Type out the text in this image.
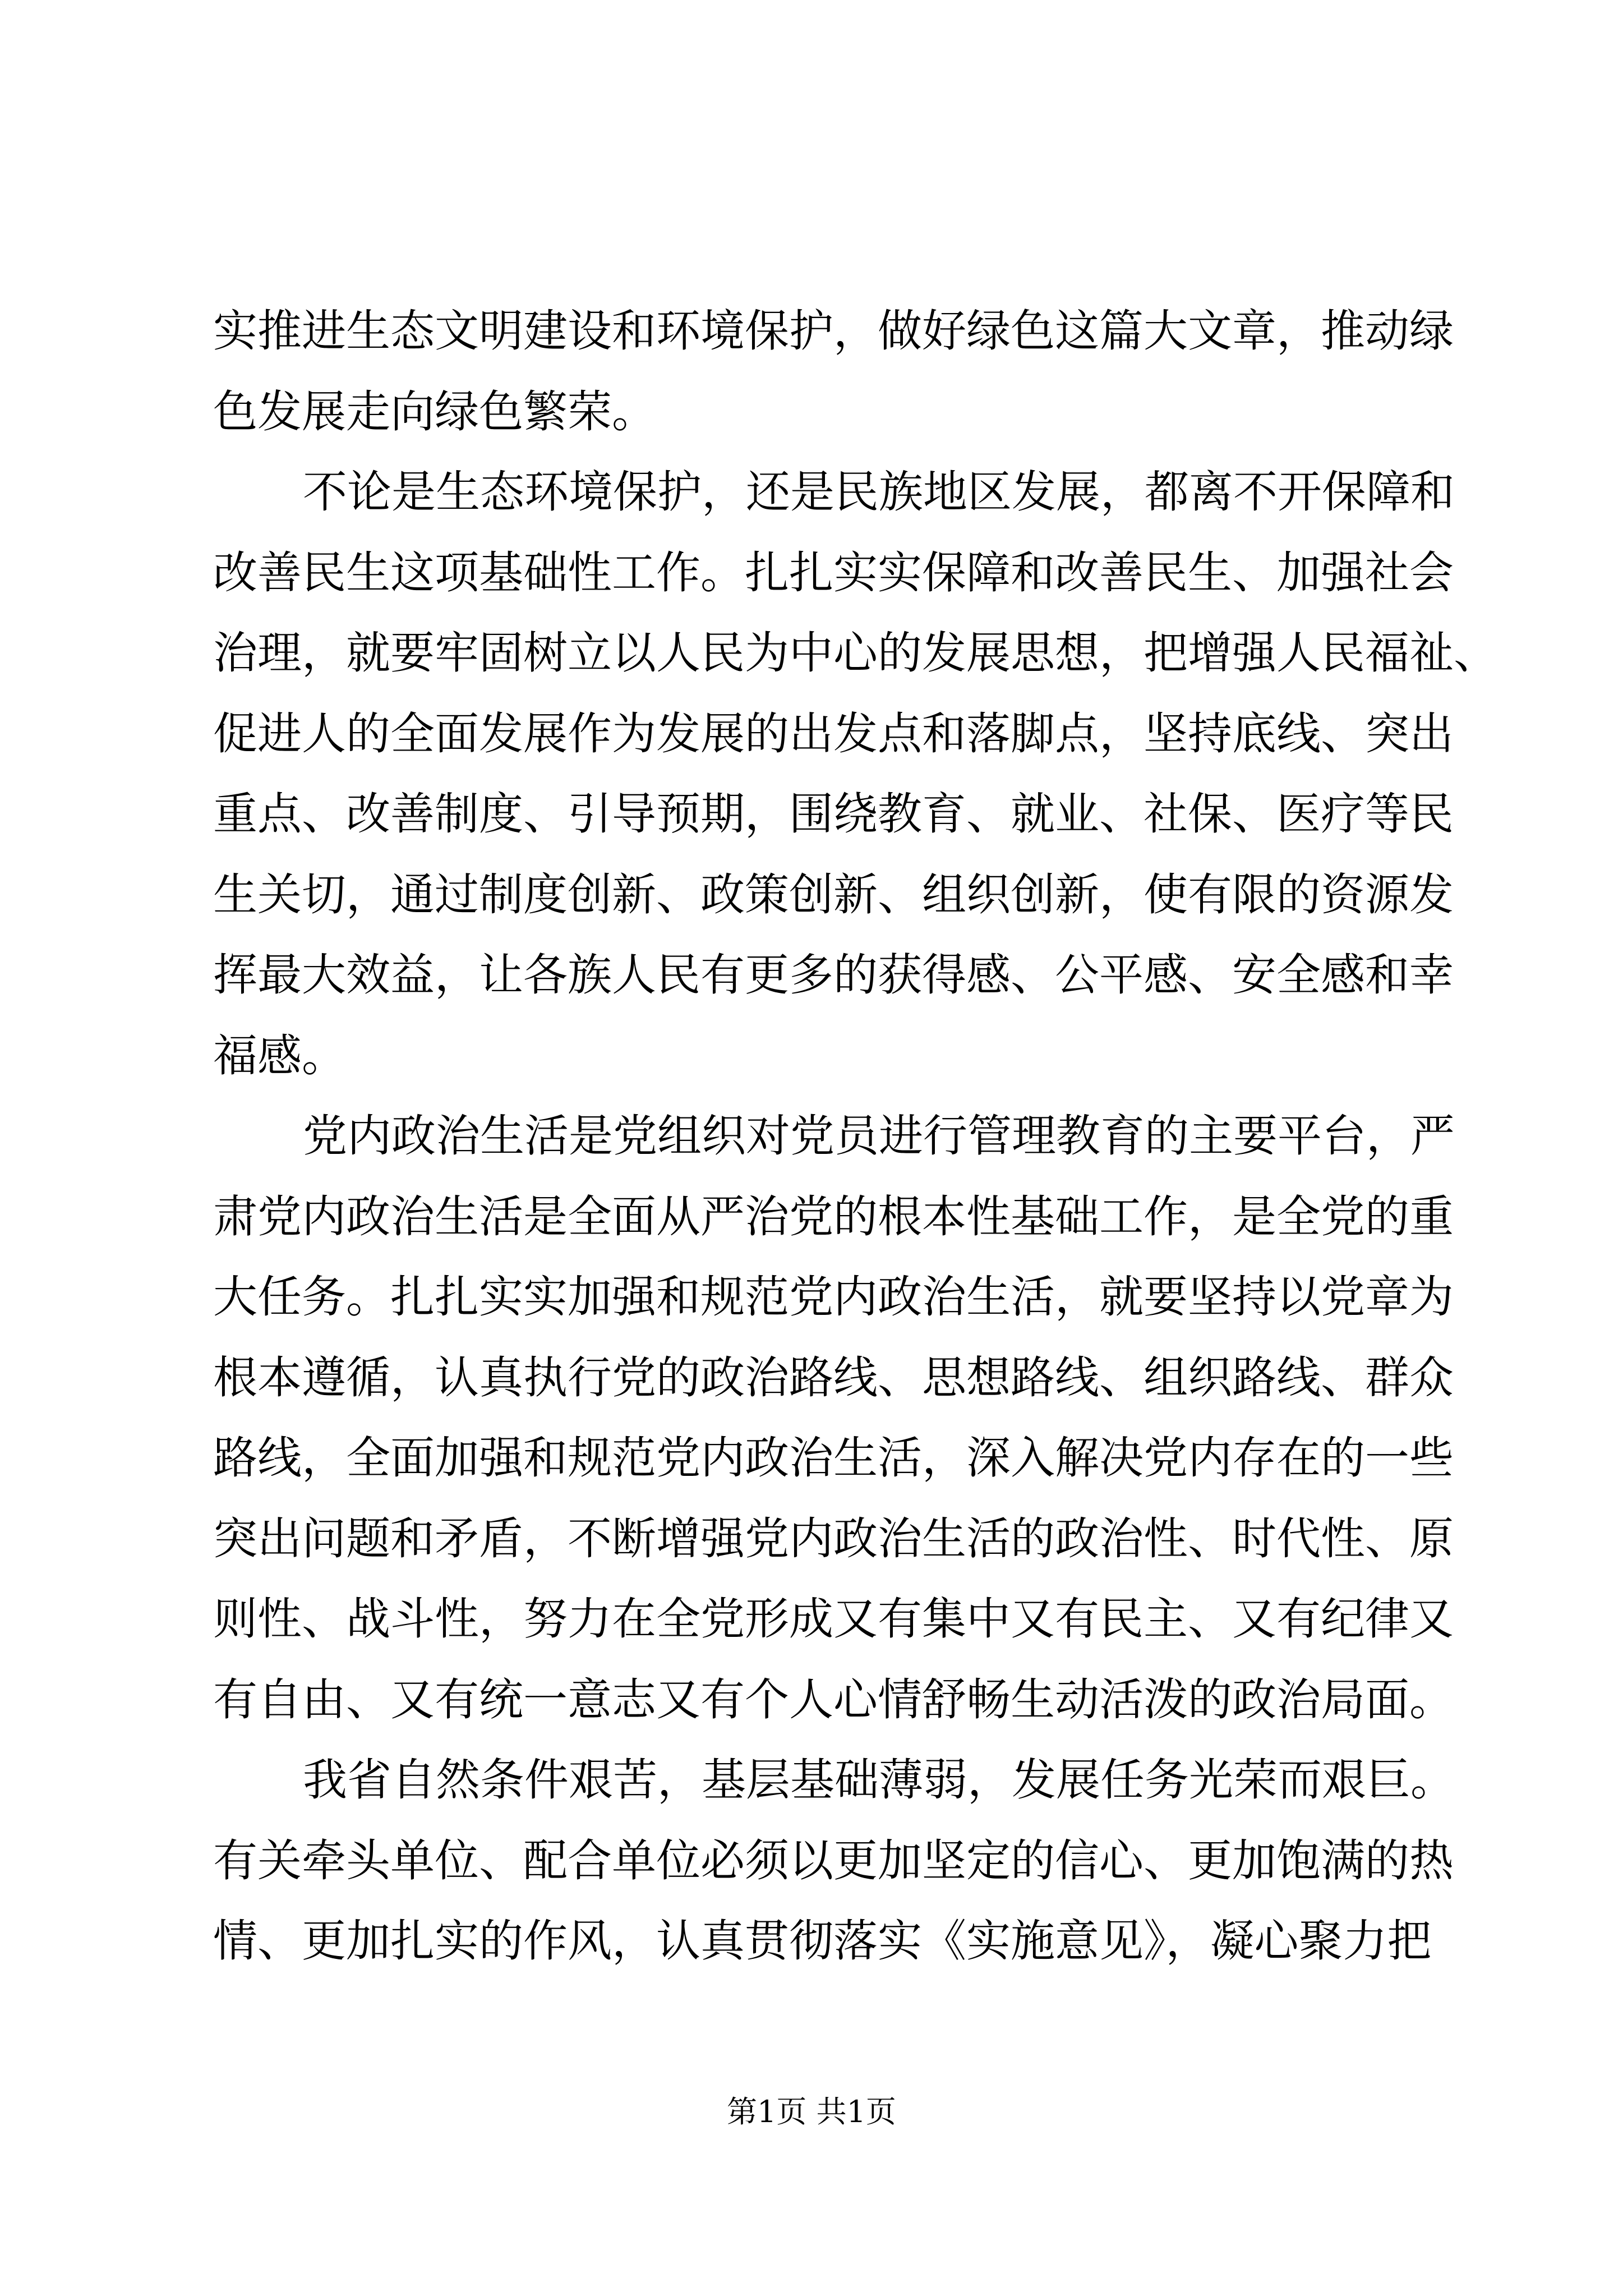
实推进生态文明建设和环境保护，做好绿色这篇大文章，推动绿
色发展走向绿色繁荣。
不论是生态环境保护，还是民族地区发展，都离不开保障和
改善民生这项基础性工作。扎扎实实保障和改善民生、加强社会
治理，就要牢固树立以人民为中心的发展思想，把增强人民福祉、
促进人的全面发展作为发展的出发点和落脚点，坚持底线、突出
重点、改善制度、引导预期，围绕教育、就业、社保、医疗等民
生关切，通过制度创新、政策创新、组织创新，使有限的资源发
挥最大效益，让各族人民有更多的获得感、公平感、安全感和幸
福感。
党内政治生活是党组织对党员进行管理教育的主要平台，严
肃党内政治生活是全面从严治党的根本性基础工作，是全党的重
大任务。扎扎实实加强和规范党内政治生活，就要坚持以党章为
根本遵循，认真执行党的政治路线、思想路线、组织路线、群众
路线，全面加强和规范党内政治生活，深入解决党内存在的一些
突出问题和矛盾，不断增强党内政治生活的政治性、时代性、原
则性、战斗性，努力在全党形成又有集中又有民主、又有纪律又
有自由、又有统一意志又有个人心情舒畅生动活泼的政治局面。
我省自然条件艰苦，基层基础薄弱，发展任务光荣而艰巨。
有关牵头单位、配合单位必须以更加坚定的信心、更加饱满的热
情、更加扎实的作风，认真贯彻落实《实施意见》，凝心聚力把
第1页 共1页
